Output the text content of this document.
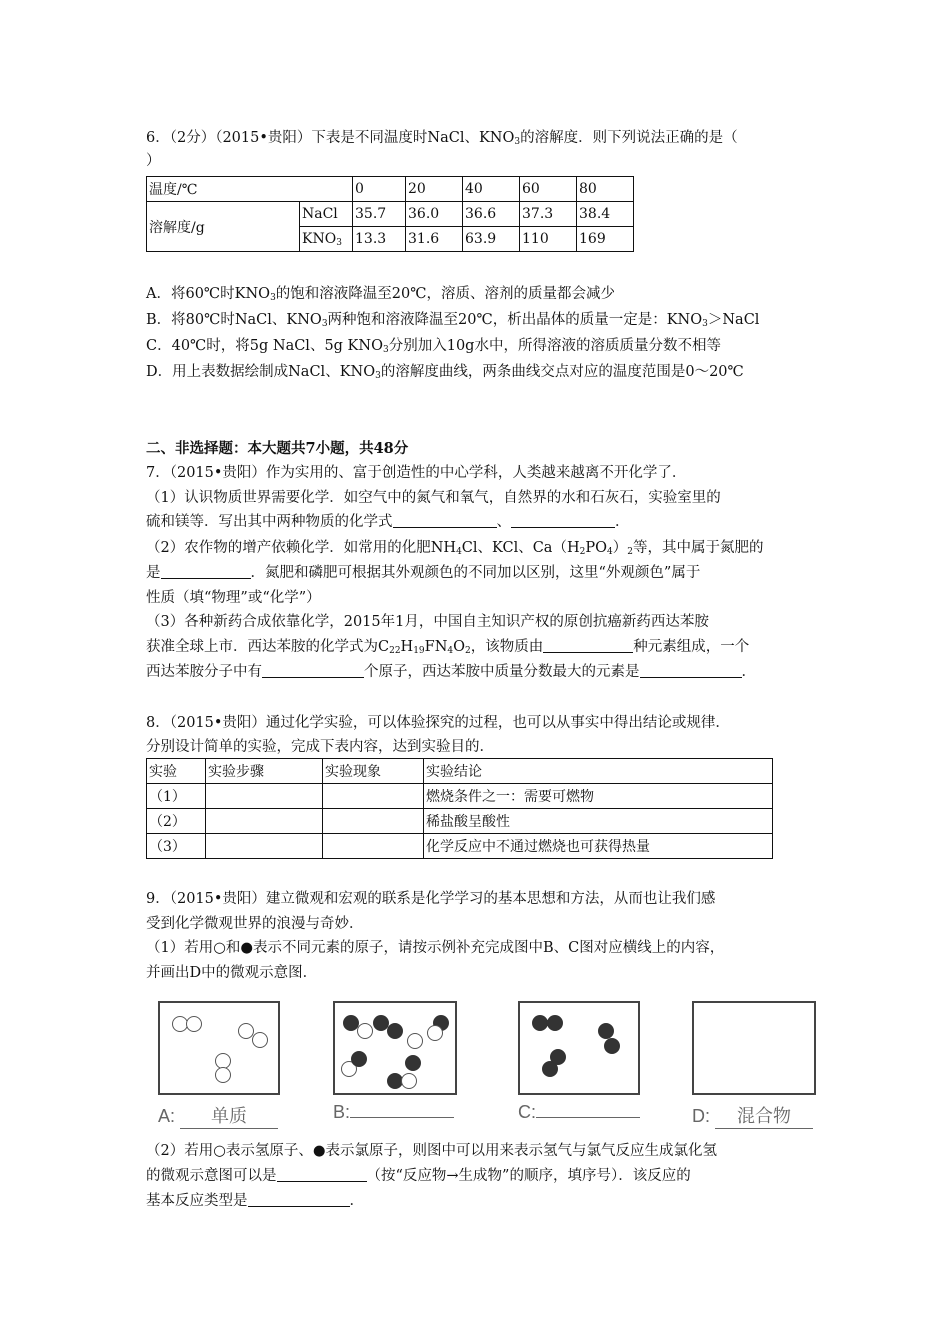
6．（2分）（2015•贵阳）下表是不同温度时NaCl、$KNO_3$的溶解度．则下列说法正确的是（
）
温度/℃		0	20	40	60	80
溶解度/g	NaCl	35.7	36.0	36.6	37.3	38.4
	$KNO_3$	13.3	31.6	63.9	110	169
A．将60℃时$KNO_3$的饱和溶液降温至20℃，溶质、溶剂的质量都会减少
B．将80℃时NaCl、$KNO_3$两种饱和溶液降温至20℃，析出晶体的质量一定是：$KNO_3>NaCl$
C．40℃时，将5g NaCl、5g $KNO_3$分别加入10g水中，所得溶液的溶质质量分数不相等
D．用上表数据绘制成NaCl、$KNO_3$的溶解度曲线，两条曲线交点对应的温度范围是0～20℃
二、非选择题：本大题共7小题，共48分
7．（2015•贵阳）作为实用的、富于创造性的中心学科，人类越来越离不开化学了．
（1）认识物质世界需要化学．如空气中的氮气和氧气，自然界的水和石灰石，实验室里的
硫和镁等．写出其中两种物质的化学式	、	．
（2）农作物的增产依赖化学．如常用的化肥$NH_4Cl$、KCl、$Ca(H_2PO_4)_2$等，其中属于氮肥的
是	．氮肥和磷肥可根据其外观颜色的不同加以区别，这里“外观颜色”属于
性质（填“物理”或“化学”）
（3）各种新药合成依靠化学，2015年1月，中国自主知识产权的原创抗癌新药西达苯胺
获准全球上市．西达苯胺的化学式为$C_{22}H_{19}FN_4O_2$，该物质由	种元素组成，一个
西达苯胺分子中有	个原子，西达苯胺中质量分数最大的元素是	．
8．（2015•贵阳）通过化学实验，可以体验探究的过程，也可以从事实中得出结论或规律．
分别设计简单的实验，完成下表内容，达到实验目的．
实验	实验步骤	实验现象	实验结论
（1）			燃烧条件之一：需要可燃物
（2）			稀盐酸呈酸性
（3）			化学反应中不通过燃烧也可获得热量
9．（2015•贵阳）建立微观和宏观的联系是化学学习的基本思想和方法，从而也让我们感
受到化学微观世界的浪漫与奇妙．
（1）若用○和●表示不同元素的原子，请按示例补充完成图中B、C图对应横线上的内容，
并画出D中的微观示意图．
A: 单质	B:	C:	D: 混合物
（2）若用○表示氢原子、●表示氯原子，则图中可以用来表示氢气与氯气反应生成氯化氢
的微观示意图可以是	（按“反应物→生成物”的顺序，填序号）．该反应的
基本反应类型是	．
